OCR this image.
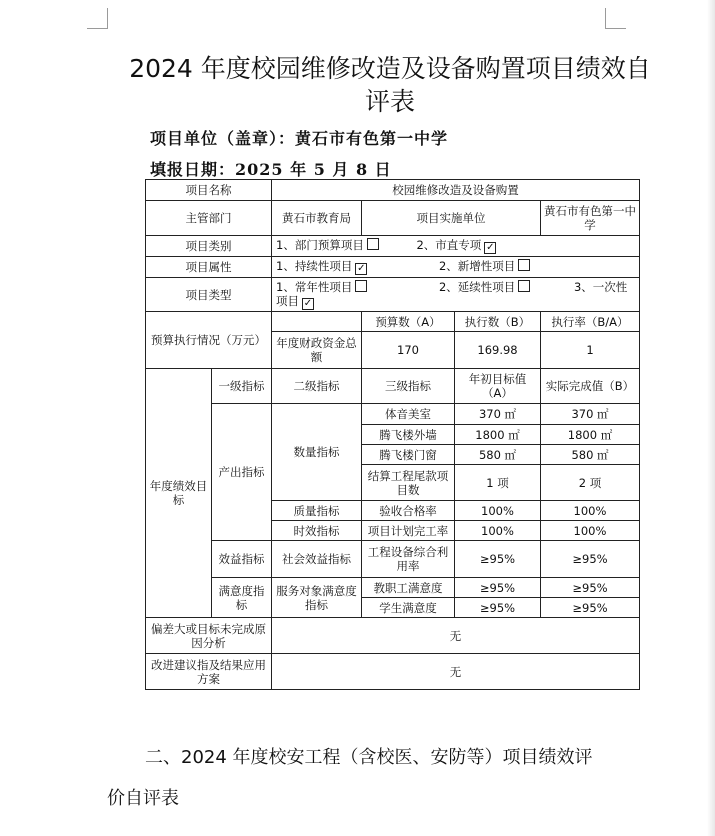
2024 年度校园维修改造及设备购置项目绩效自评表
项目单位（盖章）：黄石市有色第一中学
填报日期：2025 年 5 月 8 日
项目名称		校园维修改造及设备购置			
主管部门		黄石市教育局	项目实施单位		黄石市有色第一中学
项目类别		1、部门预算项目 2、市直专项 ✓			
项目属性		1、持续性项目 ✓ 2、新增性项目			
项目类型		1、常年性项目 2、延续性项目 3、一次性项目 ✓			
预算执行情况（万元）			预算数（A）	执行数（B）	执行率（B/A）
		年度财政资金总额	170	169.98	1
年度绩效目标	一级指标	二级指标	三级指标	年初目标值（A）	实际完成值（B）
	产出指标	数量指标	体音美室	370 ㎡	370 ㎡
			腾飞楼外墙	1800 ㎡	1800 ㎡
			腾飞楼门窗	580 ㎡	580 ㎡
			结算工程尾款项目数	1 项	2 项
		质量指标	验收合格率	100%	100%
		时效指标	项目计划完工率	100%	100%
	效益指标	社会效益指标	工程设备综合利用率	≥95%	≥95%
	满意度指标	服务对象满意度指标	教职工满意度	≥95%	≥95%
			学生满意度	≥95%	≥95%
偏差大或目标未完成原因分析		无			
改进建议指及结果应用方案		无			
二、2024 年度校安工程（含校医、安防等）项目绩效评
价自评表
